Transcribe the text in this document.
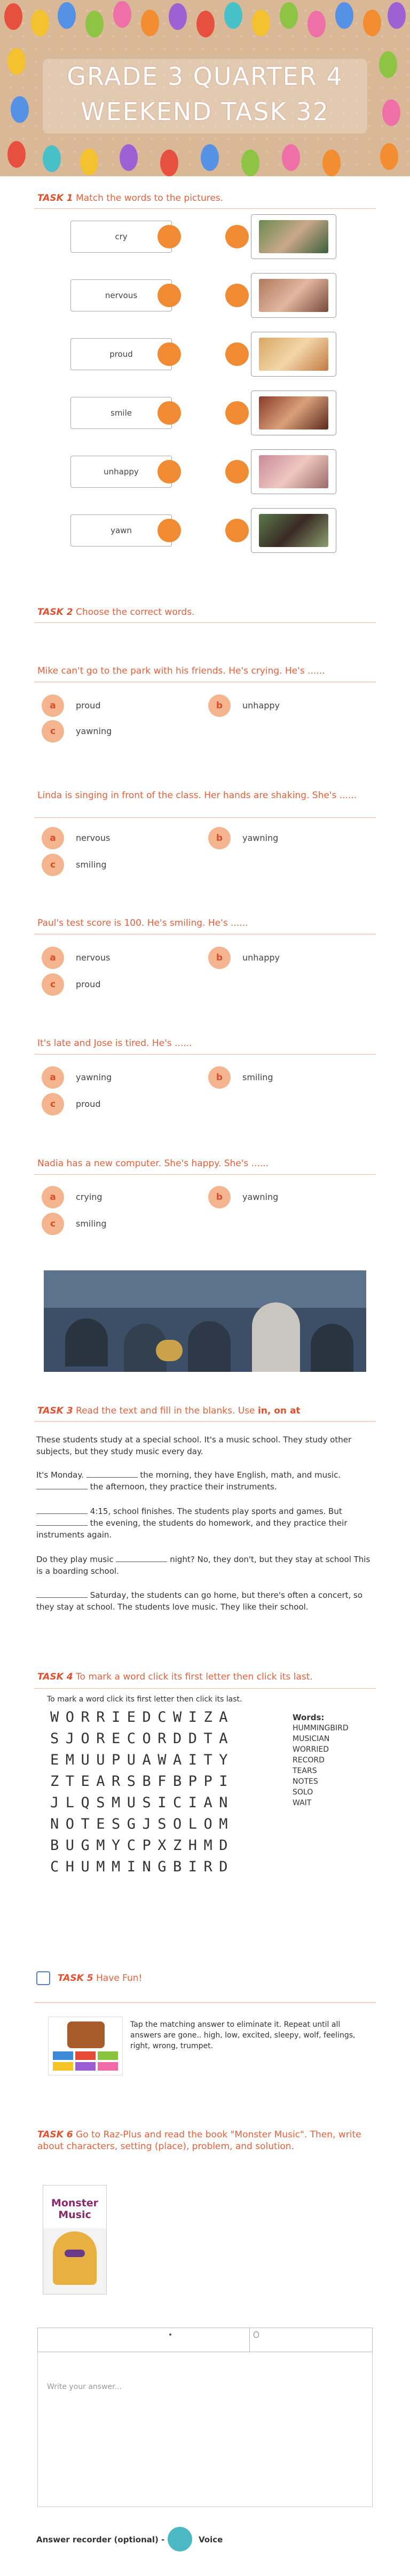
GRADE 3 QUARTER 4
WEEKEND TASK 32
TASK 1 Match the words to the pictures.
cry
nervous
proud
smile
unhappy
yawn
TASK 2 Choose the correct words.
Mike can't go to the park with his friends. He's crying. He's ......
a	proud	b	unhappy
c	yawning
Linda is singing in front of the class. Her hands are shaking. She's ......
a	nervous	b	yawning
c	smiling
Paul's test score is 100. He's smiling. He's ......
a	nervous	b	unhappy
c	proud
It's late and Jose is tired. He's ......
a	yawning	b	smiling
c	proud
Nadia has a new computer. She's happy. She's ......
a	crying	b	yawning
c	smiling
TASK 3 Read the text and fill in the blanks. Use in, on at
These students study at a special school. It's a music school. They study other subjects, but they study music every day.
It's Monday.	the morning, they have English, math, and music.
the afternoon, they practice their instruments.
4:15, school finishes. The students play sports and games. But  the evening, the students do homework, and they practice their instruments again.
Do they play music	night? No, they don't, but they stay at school This is a boarding school.
Saturday, the students can go home, but there's often a concert, so they stay at school. The students love music. They like their school.
TASK 4 To mark a word click its first letter then click its last.
To mark a word click its first letter then click its last.
WORRIEDCWIZA
SJORECORDDTA
EMUUPUAWAITY
ZTEARSBFBPPI
JLQSMUSICIAN
NOTESGJSOLOM
BUGMYCPXZHMD
CHUMMINGBIRD
Words:
HUMMINGBIRD
MUSICIAN
WORRIED
RECORD
TEARS
NOTES
SOLO
WAIT
TASK 5 Have Fun!
Tap the matching answer to eliminate it. Repeat until all answers are gone.. high, low, excited, sleepy, wolf, feelings, right, wrong, trumpet.
TASK 6 Go to Raz-Plus and read the book "Monster Music". Then, write about characters, setting (place), problem, and solution.
Monster
Music
Write your answer...
Answer recorder (optional) -	Voice
